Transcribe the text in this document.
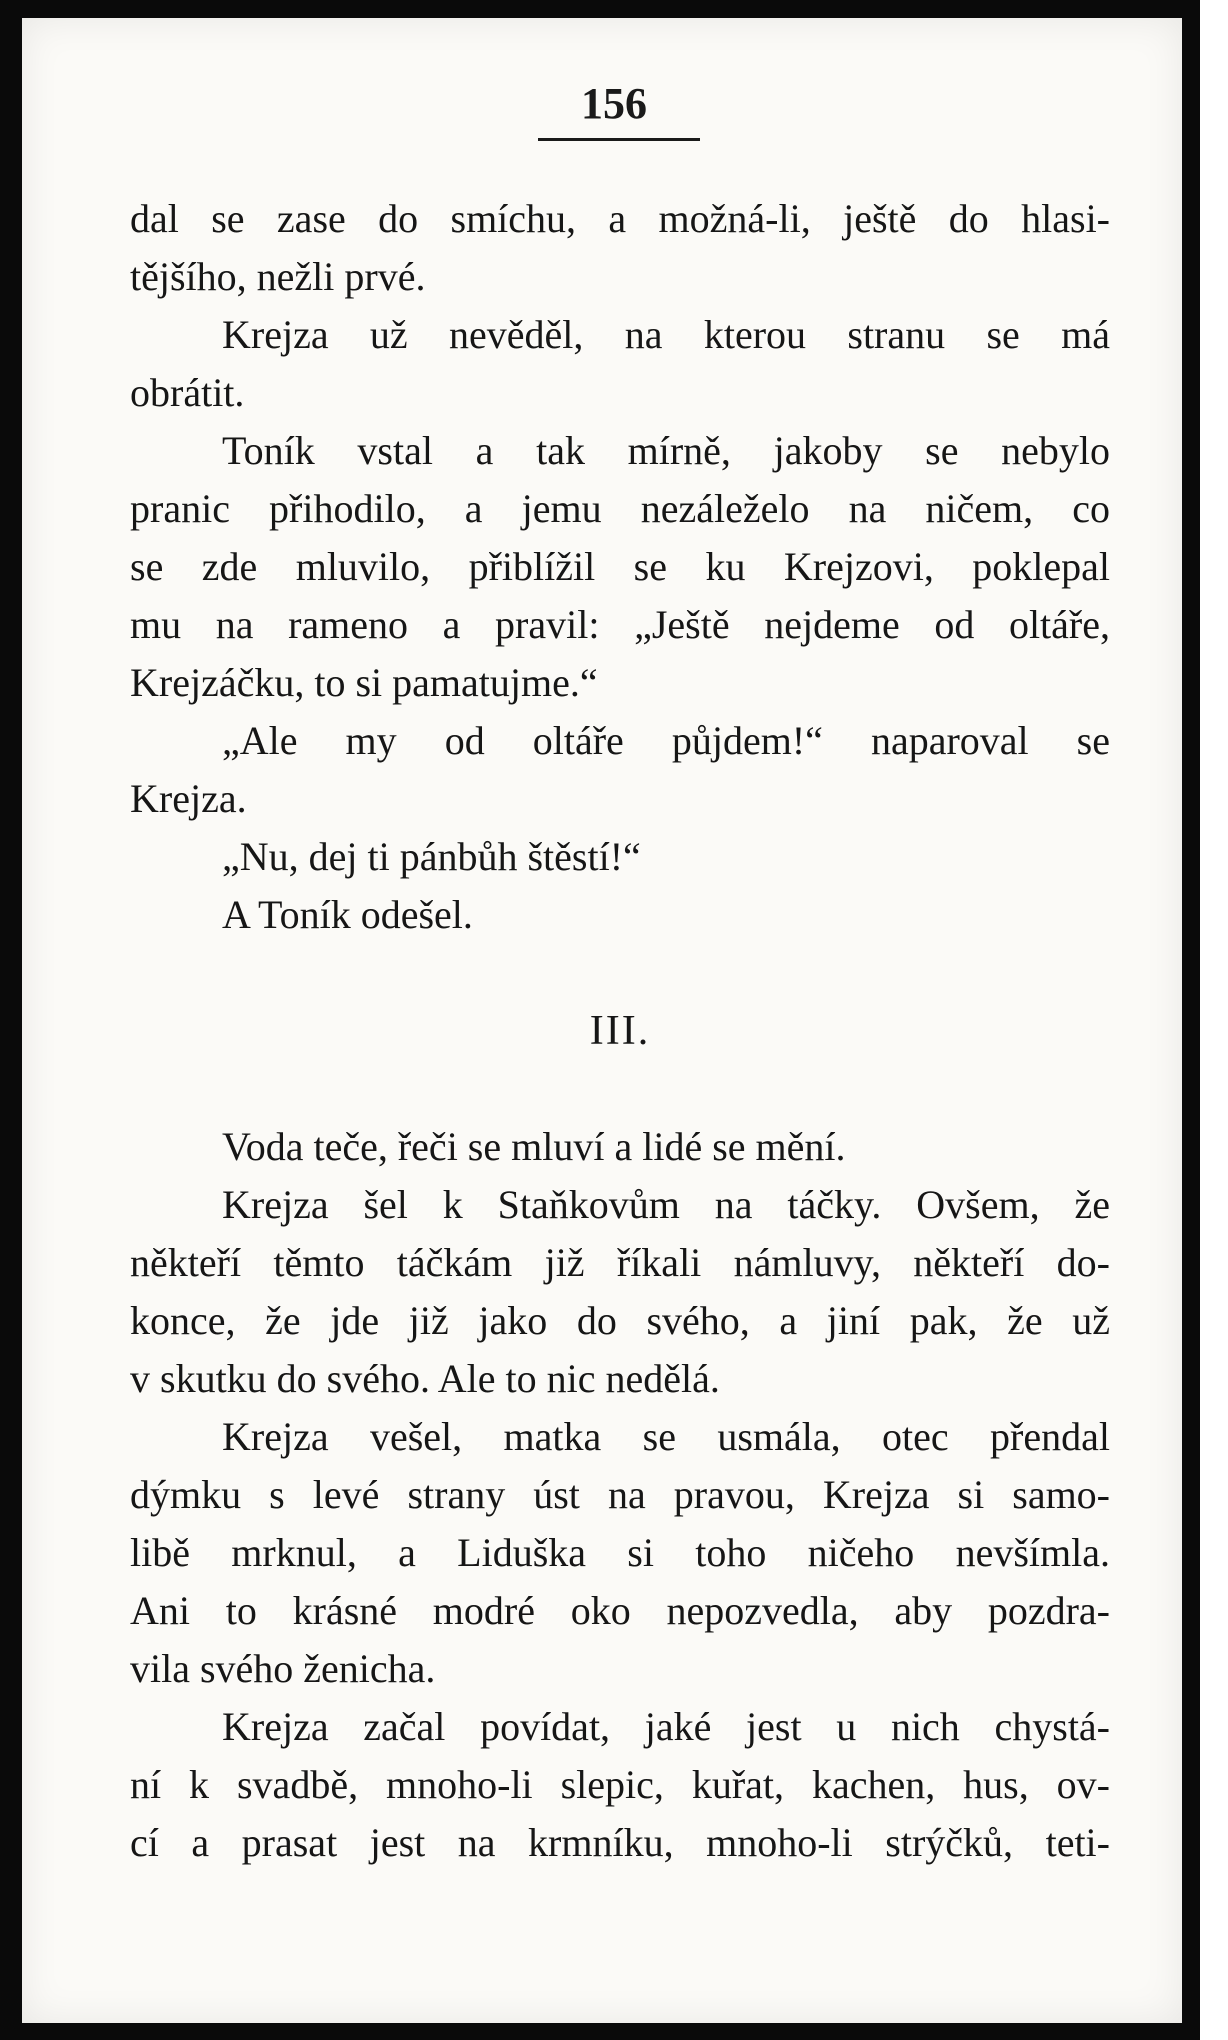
156
dal se zase do smíchu, a možná-li, ještě do hlasi-
tějšího, nežli prvé.
Krejza už nevěděl, na kterou stranu se má
obrátit.
Toník vstal a tak mírně, jakoby se nebylo
pranic přihodilo, a jemu nezáleželo na ničem, co
se zde mluvilo, přiblížil se ku Krejzovi, poklepal
mu na rameno a pravil: „Ještě nejdeme od oltáře,
Krejzáčku, to si pamatujme.“
„Ale my od oltáře půjdem!“ naparoval se
Krejza.
„Nu, dej ti pánbůh štěstí!“
A Toník odešel.
III.
Voda teče, řeči se mluví a lidé se mění.
Krejza šel k Staňkovům na táčky. Ovšem, že
někteří těmto táčkám již říkali námluvy, někteří do-
konce, že jde již jako do svého, a jiní pak, že už
v skutku do svého. Ale to nic nedělá.
Krejza vešel, matka se usmála, otec přendal
dýmku s levé strany úst na pravou, Krejza si samo-
libě mrknul, a Liduška si toho ničeho nevšímla.
Ani to krásné modré oko nepozvedla, aby pozdra-
vila svého ženicha.
Krejza začal povídat, jaké jest u nich chystá-
ní k svadbě, mnoho-li slepic, kuřat, kachen, hus, ov-
cí a prasat jest na krmníku, mnoho-li strýčků, teti-
